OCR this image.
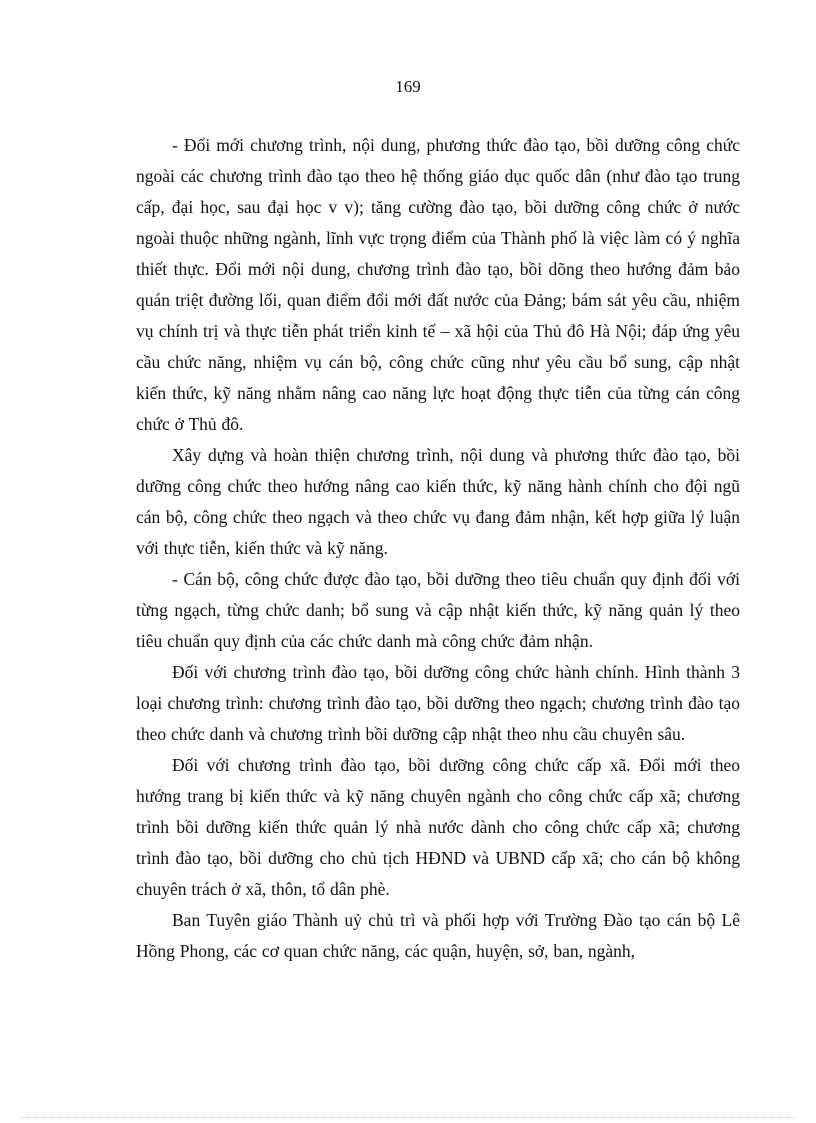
169

- Đổi mới chương trình, nội dung, phương thức đào tạo, bồi dưỡng công chức ngoài các chương trình đào tạo theo hệ thống giáo dục quốc dân (như đào tạo trung cấp, đại học, sau đại học v v); tăng cường đào tạo, bồi dưỡng công chức ở nước ngoài thuộc những ngành, lĩnh vực trọng điểm của Thành phố là việc làm có ý nghĩa thiết thực. Đổi mới nội dung, chương trình đào tạo, bồi dõng theo hướng đảm bảo quán triệt đường lối, quan điểm đổi mới đất nước của Đảng; bám sát yêu cầu, nhiệm vụ chính trị và thực tiễn phát triển kinh tế – xã hội của Thủ đô Hà Nội; đáp ứng yêu cầu chức năng, nhiệm vụ cán bộ, công chức cũng như yêu cầu bổ sung, cập nhật kiến thức, kỹ năng nhằm nâng cao năng lực hoạt động thực tiễn của từng cán công chức ở Thủ đô.

Xây dựng và hoàn thiện chương trình, nội dung và phương thức đào tạo, bồi dưỡng công chức theo hướng nâng cao kiến thức, kỹ năng hành chính cho đội ngũ cán bộ, công chức theo ngạch và theo chức vụ đang đảm nhận, kết hợp giữa lý luận với thực tiễn, kiến thức và kỹ năng.

- Cán bộ, công chức được đào tạo, bồi dưỡng theo tiêu chuẩn quy định đối với từng ngạch, từng chức danh; bổ sung và cập nhật kiến thức, kỹ năng quản lý theo tiêu chuẩn quy định của các chức danh mà công chức đảm nhận.

Đối với chương trình đào tạo, bồi dưỡng công chức hành chính. Hình thành 3 loại chương trình: chương trình đào tạo, bồi dưỡng theo ngạch; chương trình đào tạo theo chức danh và chương trình bồi dưỡng cập nhật theo nhu cầu chuyên sâu.

Đối với chương trình đào tạo, bồi dưỡng công chức cấp xã. Đổi mới theo hướng trang bị kiến thức và kỹ năng chuyên ngành cho công chức cấp xã; chương trình bồi dưỡng kiến thức quản lý nhà nước dành cho công chức cấp xã; chương trình đào tạo, bồi dưỡng cho chủ tịch HĐND và UBND cấp xã; cho cán bộ không chuyên trách ở xã, thôn, tổ dân phè.

Ban Tuyên giáo Thành uỷ chủ trì và phối hợp với Trường Đào tạo cán bộ Lê Hồng Phong, các cơ quan chức năng, các quận, huyện, sở, ban, ngành,
